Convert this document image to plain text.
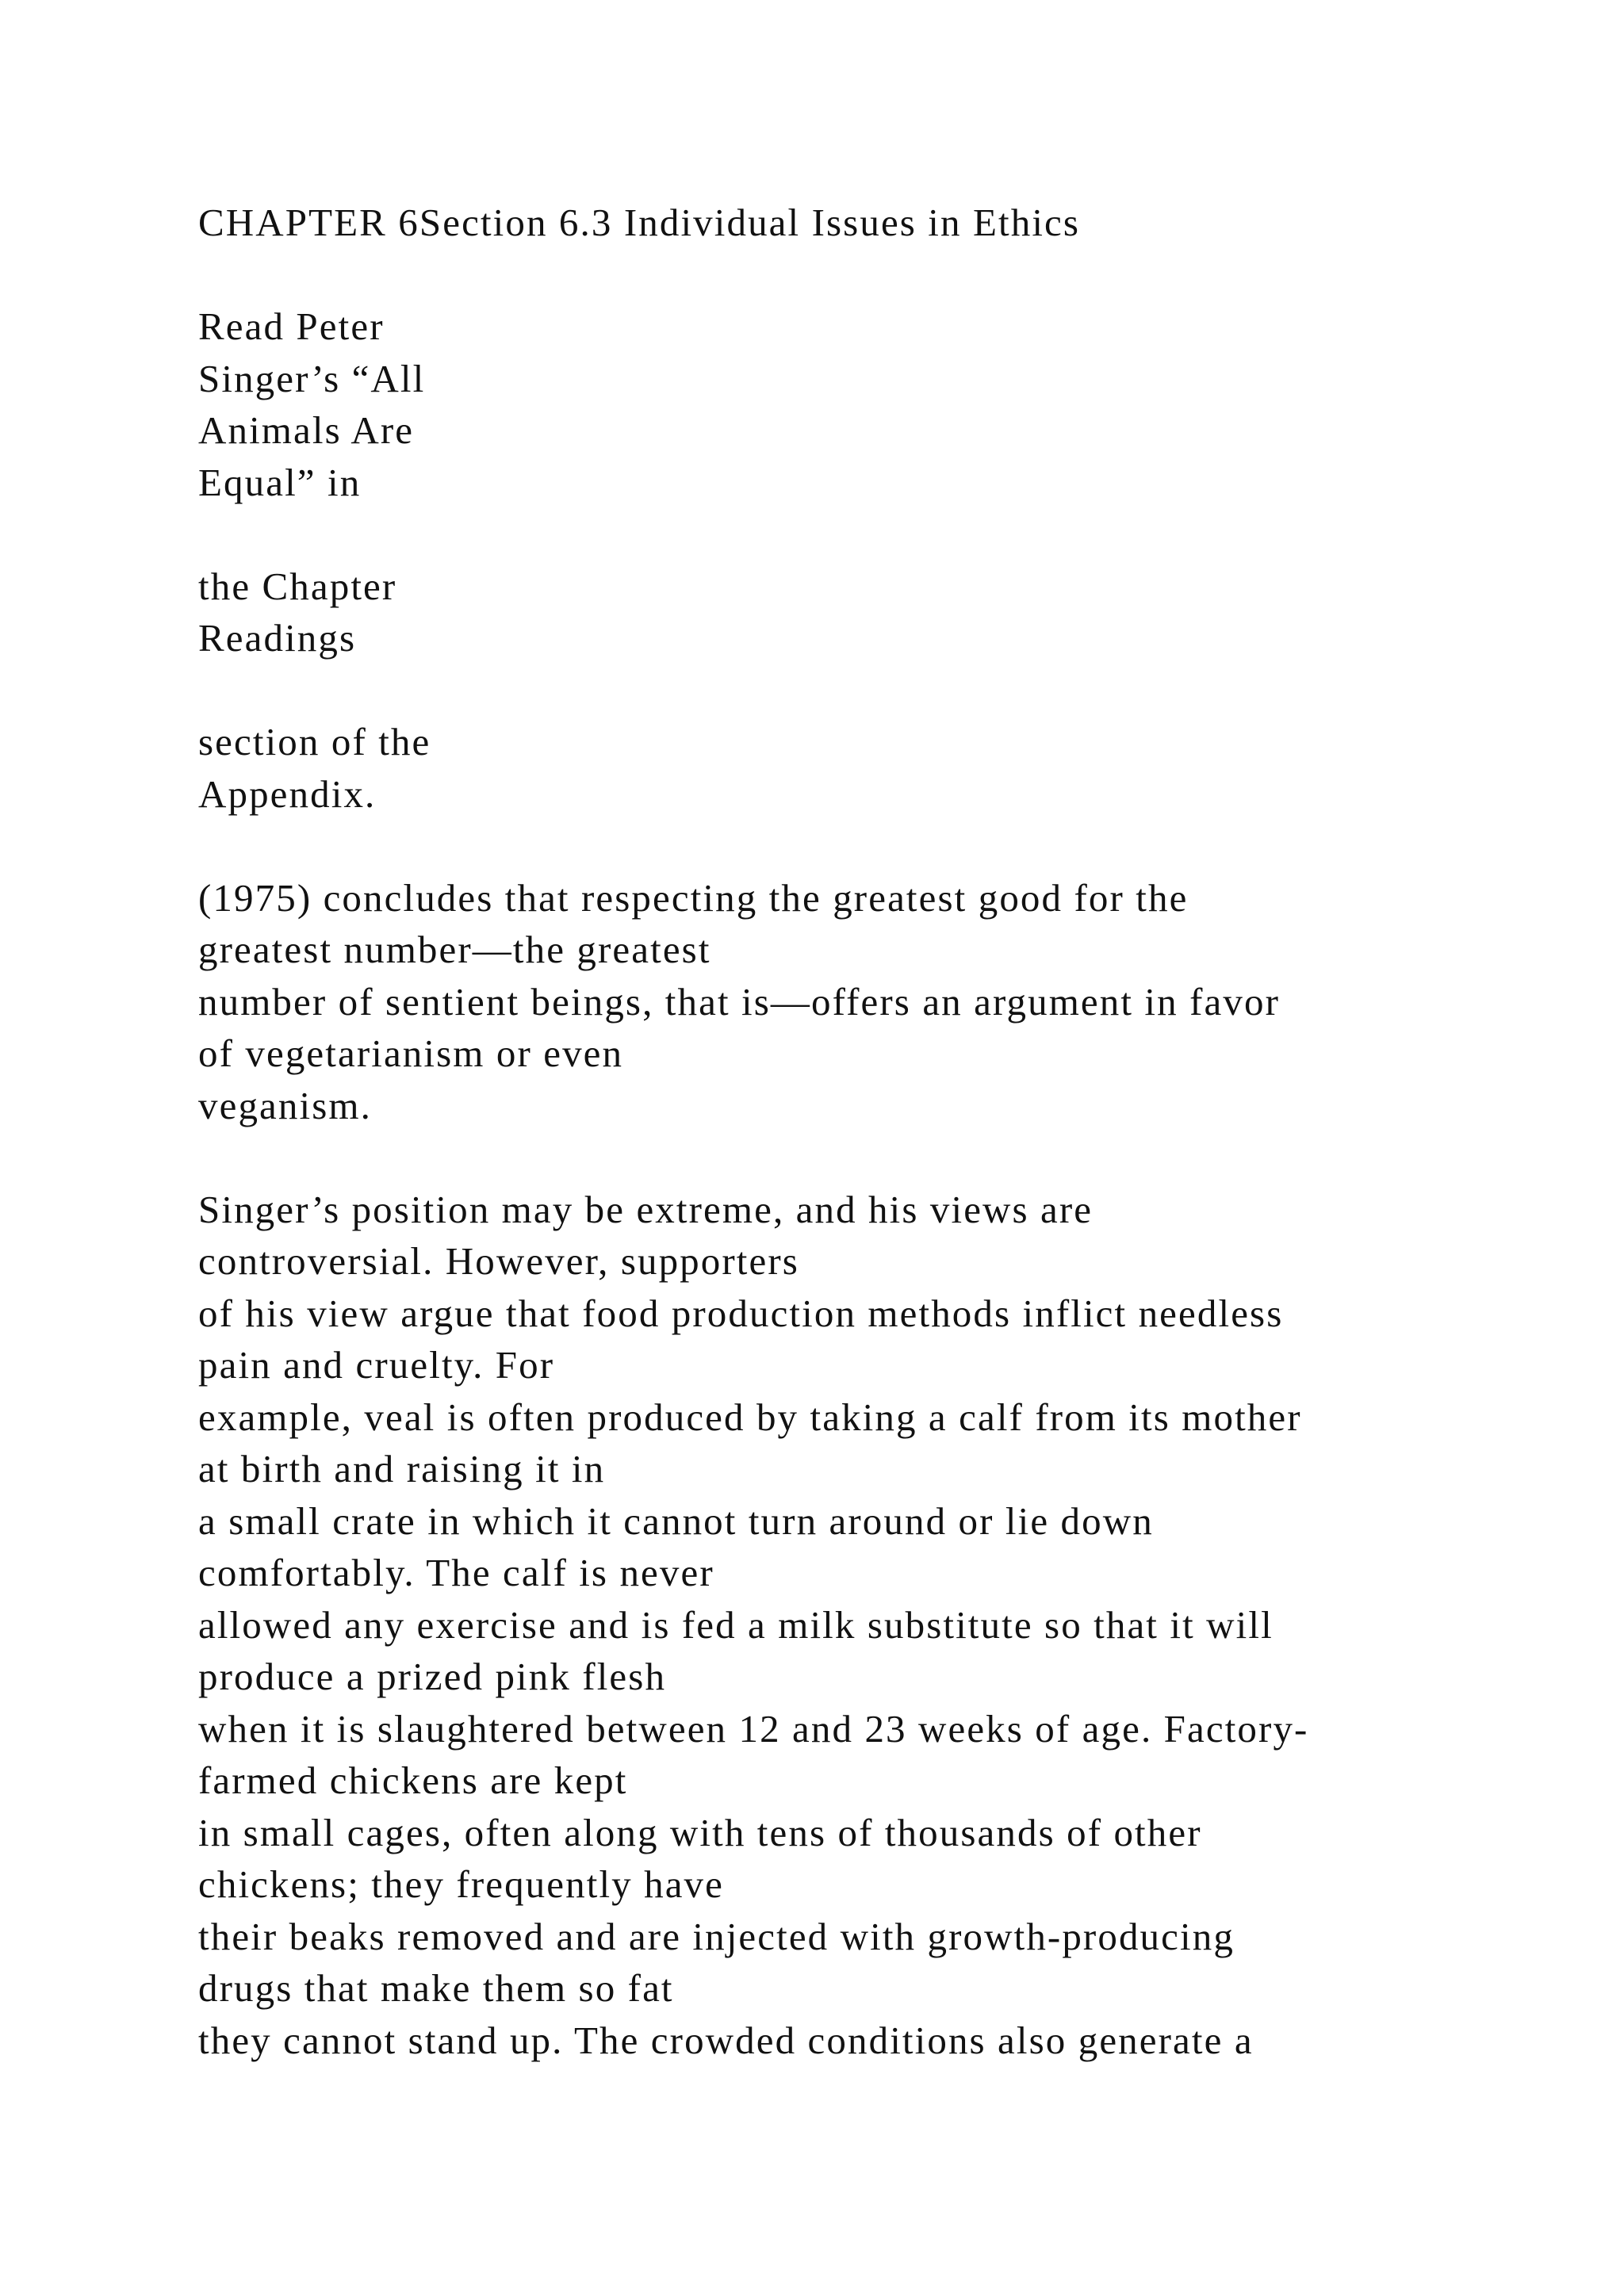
CHAPTER 6Section 6.3 Individual Issues in Ethics

Read Peter
Singer’s “All
Animals Are
Equal” in

the Chapter
Readings

section of the
Appendix.

(1975) concludes that respecting the greatest good for the
greatest number—the greatest
number of sentient beings, that is—offers an argument in favor
of vegetarianism or even
veganism.

Singer’s position may be extreme, and his views are
controversial. However, supporters
of his view argue that food production methods inflict needless
pain and cruelty. For
example, veal is often produced by taking a calf from its mother
at birth and raising it in
a small crate in which it cannot turn around or lie down
comfortably. The calf is never
allowed any exercise and is fed a milk substitute so that it will
produce a prized pink flesh
when it is slaughtered between 12 and 23 weeks of age. Factory-
farmed chickens are kept
in small cages, often along with tens of thousands of other
chickens; they frequently have
their beaks removed and are injected with growth-producing
drugs that make them so fat
they cannot stand up. The crowded conditions also generate a
